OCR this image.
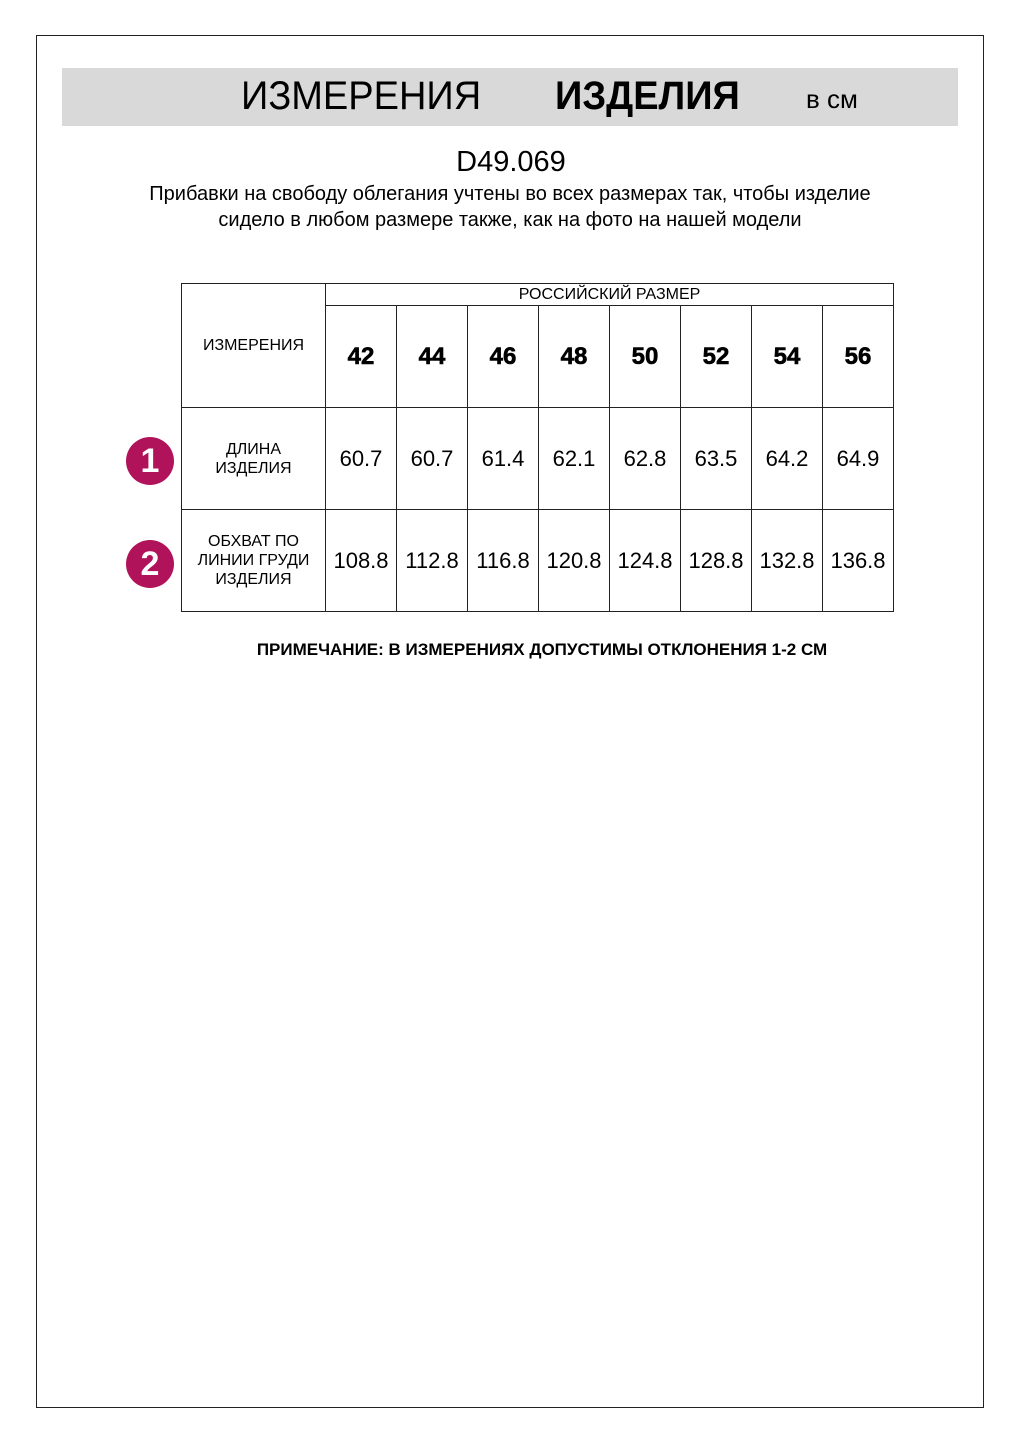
ИЗМЕРЕНИЯ ИЗДЕЛИЯ	в см
D49.069
Прибавки на свободу облегания учтены во всех размерах так, чтобы изделие сидело в любом размере также, как на фото на нашей модели
ИЗМЕРЕНИЯ	РОССИЙСКИЙ РАЗМЕР							
	42	44	46	48	50	52	54	56
ДЛИНА ИЗДЕЛИЯ	60.7	60.7	61.4	62.1	62.8	63.5	64.2	64.9
ОБХВАТ ПО ЛИНИИ ГРУДИ ИЗДЕЛИЯ	108.8	112.8	116.8	120.8	124.8	128.8	132.8	136.8
1
2
ПРИМЕЧАНИЕ: В ИЗМЕРЕНИЯХ ДОПУСТИМЫ ОТКЛОНЕНИЯ 1-2 СМ
